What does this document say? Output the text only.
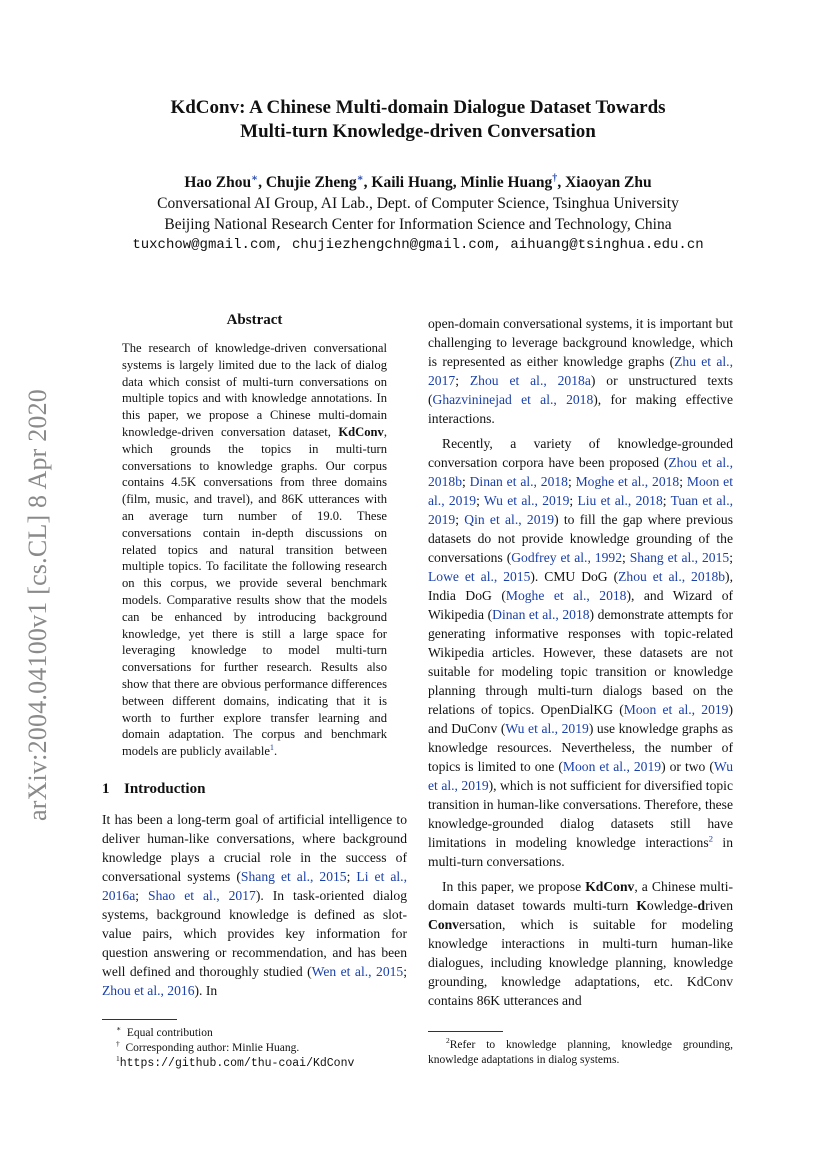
arXiv:2004.04100v1 [cs.CL] 8 Apr 2020
KdConv: A Chinese Multi-domain Dialogue Dataset Towards
Multi-turn Knowledge-driven Conversation
Hao Zhou∗, Chujie Zheng∗, Kaili Huang, Minlie Huang†, Xiaoyan Zhu
Conversational AI Group, AI Lab., Dept. of Computer Science, Tsinghua University
Beijing National Research Center for Information Science and Technology, China
tuxchow@gmail.com, chujiezhengchn@gmail.com, aihuang@tsinghua.edu.cn
Abstract

The research of knowledge-driven conversational systems is largely limited due to the lack of dialog data which consist of multi-turn conversations on multiple topics and with knowledge annotations. In this paper, we propose a Chinese multi-domain knowledge-driven conversation dataset, KdConv, which grounds the topics in multi-turn conversations to knowledge graphs. Our corpus contains 4.5K conversations from three domains (film, music, and travel), and 86K utterances with an average turn number of 19.0. These conversations contain in-depth discussions on related topics and natural transition between multiple topics. To facilitate the following research on this corpus, we provide several benchmark models. Comparative results show that the models can be enhanced by introducing background knowledge, yet there is still a large space for leveraging knowledge to model multi-turn conversations for further research. Results also show that there are obvious performance differences between different domains, indicating that it is worth to further explore transfer learning and domain adaptation. The corpus and benchmark models are publicly available$^1$.

1 Introduction

It has been a long-term goal of artificial intelligence to deliver human-like conversations, where background knowledge plays a crucial role in the success of conversational systems (Shang et al., 2015; Li et al., 2016a; Shao et al., 2017). In task-oriented dialog systems, background knowledge is defined as slot-value pairs, which provides key information for question answering or recommendation, and has been well defined and thoroughly studied (Wen et al., 2015; Zhou et al., 2016). In

∗ Equal contribution
† Corresponding author: Minlie Huang.
$^1$https://github.com/thu-coai/KdConv

open-domain conversational systems, it is important but challenging to leverage background knowledge, which is represented as either knowledge graphs (Zhu et al., 2017; Zhou et al., 2018a) or unstructured texts (Ghazvininejad et al., 2018), for making effective interactions.

Recently, a variety of knowledge-grounded conversation corpora have been proposed (Zhou et al., 2018b; Dinan et al., 2018; Moghe et al., 2018; Moon et al., 2019; Wu et al., 2019; Liu et al., 2018; Tuan et al., 2019; Qin et al., 2019) to fill the gap where previous datasets do not provide knowledge grounding of the conversations (Godfrey et al., 1992; Shang et al., 2015; Lowe et al., 2015). CMU DoG (Zhou et al., 2018b), India DoG (Moghe et al., 2018), and Wizard of Wikipedia (Dinan et al., 2018) demonstrate attempts for generating informative responses with topic-related Wikipedia articles. However, these datasets are not suitable for modeling topic transition or knowledge planning through multi-turn dialogs based on the relations of topics. OpenDialKG (Moon et al., 2019) and DuConv (Wu et al., 2019) use knowledge graphs as knowledge resources. Nevertheless, the number of topics is limited to one (Moon et al., 2019) or two (Wu et al., 2019), which is not sufficient for diversified topic transition in human-like conversations. Therefore, these knowledge-grounded dialog datasets still have limitations in modeling knowledge interactions$^2$ in multi-turn conversations.

In this paper, we propose KdConv, a Chinese multi-domain dataset towards multi-turn Kowledge-driven Conversation, which is suitable for modeling knowledge interactions in multi-turn human-like dialogues, including knowledge planning, knowledge grounding, knowledge adaptations, etc. KdConv contains 86K utterances and

$^2$Refer to knowledge planning, knowledge grounding, knowledge adaptations in dialog systems.
